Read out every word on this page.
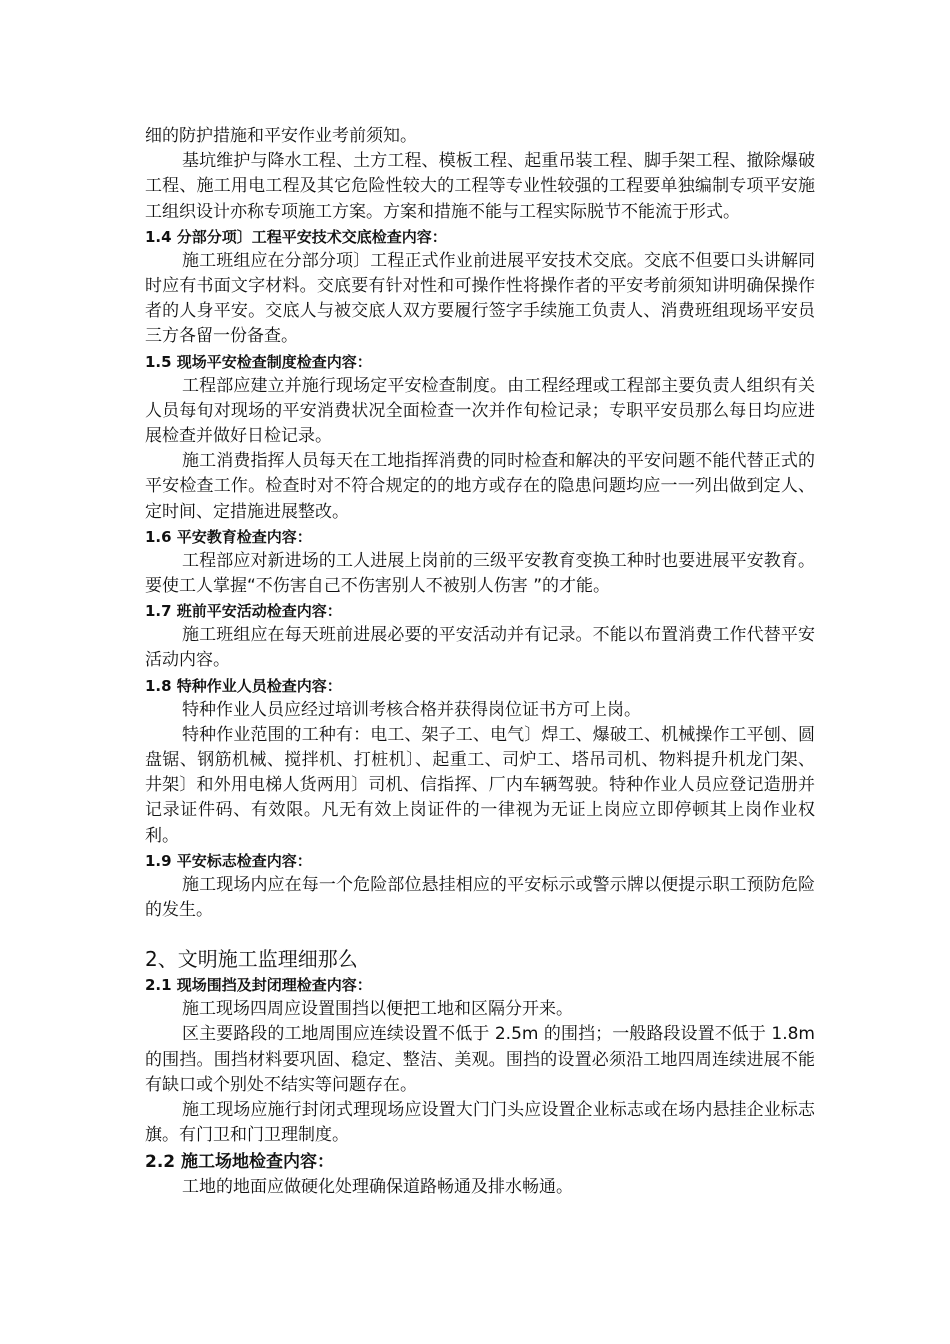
细的防护措施和平安作业考前须知。

基坑维护与降水工程、土方工程、模板工程、起重吊装工程、脚手架工程、撤除爆破工程、施工用电工程及其它危险性较大的工程等专业性较强的工程要单独编制专项平安施工组织设计亦称专项施工方案。方案和措施不能与工程实际脱节不能流于形式。

1.4 分部分项〕工程平安技术交底检查内容：

施工班组应在分部分项〕工程正式作业前进展平安技术交底。交底不但要口头讲解同时应有书面文字材料。交底要有针对性和可操作性将操作者的平安考前须知讲明确保操作者的人身平安。交底人与被交底人双方要履行签字手续施工负责人、消费班组现场平安员三方各留一份备查。

1.5 现场平安检查制度检查内容：

工程部应建立并施行现场定平安检查制度。由工程经理或工程部主要负责人组织有关人员每旬对现场的平安消费状况全面检查一次并作旬检记录；专职平安员那么每日均应进展检查并做好日检记录。

施工消费指挥人员每天在工地指挥消费的同时检查和解决的平安问题不能代替正式的平安检查工作。检查时对不符合规定的的地方或存在的隐患问题均应一一列出做到定人、定时间、定措施进展整改。

1.6 平安教育检查内容：

工程部应对新进场的工人进展上岗前的三级平安教育变换工种时也要进展平安教育。要使工人掌握“不伤害自己不伤害别人不被别人伤害 ”的才能。

1.7 班前平安活动检查内容：

施工班组应在每天班前进展必要的平安活动并有记录。不能以布置消费工作代替平安活动内容。

1.8 特种作业人员检查内容：

特种作业人员应经过培训考核合格并获得岗位证书方可上岗。

特种作业范围的工种有：电工、架子工、电气〕焊工、爆破工、机械操作工平刨、圆盘锯、钢筋机械、搅拌机、打桩机〕、起重工、司炉工、塔吊司机、物料提升机龙门架、井架〕和外用电梯人货两用〕司机、信指挥、厂内车辆驾驶。特种作业人员应登记造册并记录证件码、有效限。凡无有效上岗证件的一律视为无证上岗应立即停顿其上岗作业权利。

1.9 平安标志检查内容：

施工现场内应在每一个危险部位悬挂相应的平安标示或警示牌以便提示职工预防危险的发生。

2、文明施工监理细那么

2.1 现场围挡及封闭理检查内容：

施工现场四周应设置围挡以便把工地和区隔分开来。

区主要路段的工地周围应连续设置不低于 2.5m 的围挡；一般路段设置不低于 1.8m 的围挡。围挡材料要巩固、稳定、整洁、美观。围挡的设置必须沿工地四周连续进展不能有缺口或个别处不结实等问题存在。

施工现场应施行封闭式理现场应设置大门门头应设置企业标志或在场内悬挂企业标志旗。有门卫和门卫理制度。

2.2 施工场地检查内容：

工地的地面应做硬化处理确保道路畅通及排水畅通。
